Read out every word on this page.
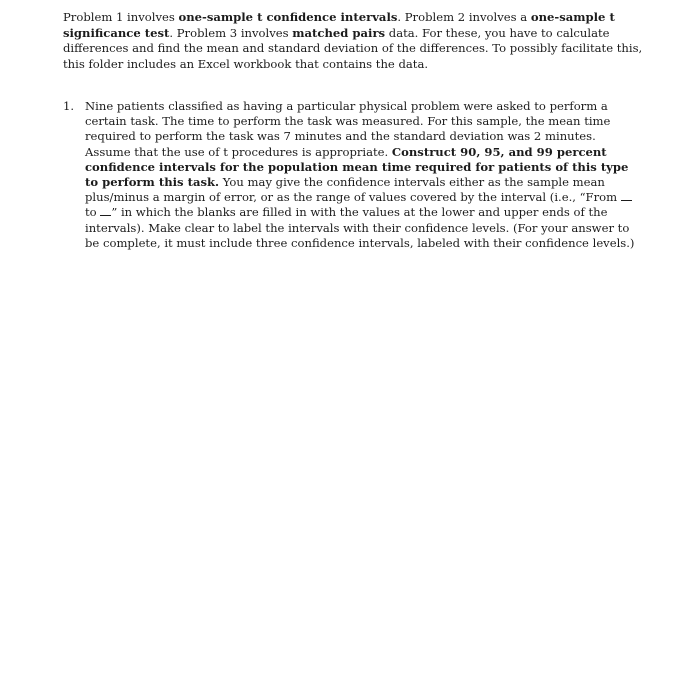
Problem 1 involves one-sample t confidence intervals. Problem 2 involves a one-sample t significance test. Problem 3 involves matched pairs data. For these, you have to calculate differences and find the mean and standard deviation of the differences. To possibly facilitate this, this folder includes an Excel workbook that contains the data.

1. Nine patients classified as having a particular physical problem were asked to perform a certain task. The time to perform the task was measured. For this sample, the mean time required to perform the task was 7 minutes and the standard deviation was 2 minutes. Assume that the use of t procedures is appropriate. Construct 90, 95, and 99 percent confidence intervals for the population mean time required for patients of this type to perform this task. You may give the confidence intervals either as the sample mean plus/minus a margin of error, or as the range of values covered by the interval (i.e., “From  to ” in which the blanks are filled in with the values at the lower and upper ends of the intervals). Make clear to label the intervals with their confidence levels. (For your answer to be complete, it must include three confidence intervals, labeled with their confidence levels.)
